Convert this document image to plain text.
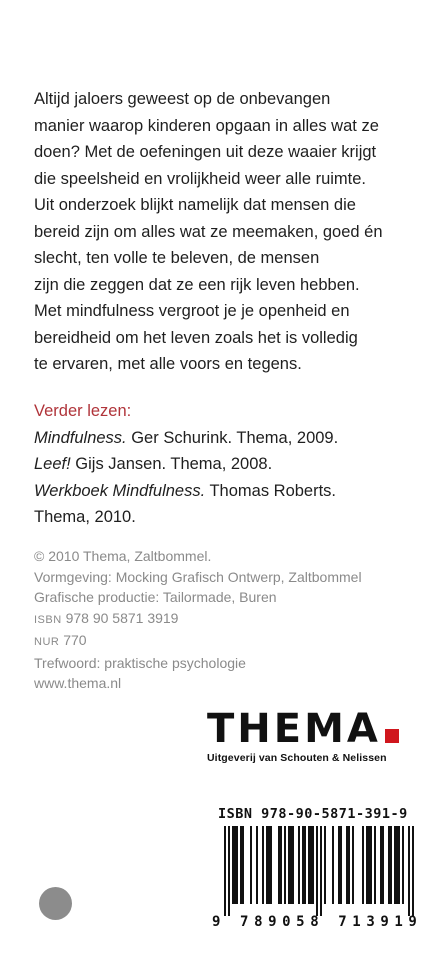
Altijd jaloers geweest op de onbevangen
manier waarop kinderen opgaan in alles wat ze
doen? Met de oefeningen uit deze waaier krijgt
die speelsheid en vrolijkheid weer alle ruimte.
Uit onderzoek blijkt namelijk dat mensen die
bereid zijn om alles wat ze meemaken, goed én
slecht, ten volle te beleven, de mensen
zijn die zeggen dat ze een rijk leven hebben.
Met mindfulness vergroot je je openheid en
bereidheid om het leven zoals het is volledig
te ervaren, met alle voors en tegens.
Verder lezen:
Mindfulness. Ger Schurink. Thema, 2009.
Leef! Gijs Jansen. Thema, 2008.
Werkboek Mindfulness. Thomas Roberts.
Thema, 2010.
© 2010 Thema, Zaltbommel.
Vormgeving: Mocking Grafisch Ontwerp, Zaltbommel
Grafische productie: Tailormade, Buren
ISBN 978 90 5871 3919
NUR 770
Trefwoord: praktische psychologie
www.thema.nl
THEMA
Uitgeverij van Schouten & Nelissen
ISBN 978-90-5871-391-9
9 789058 713919
